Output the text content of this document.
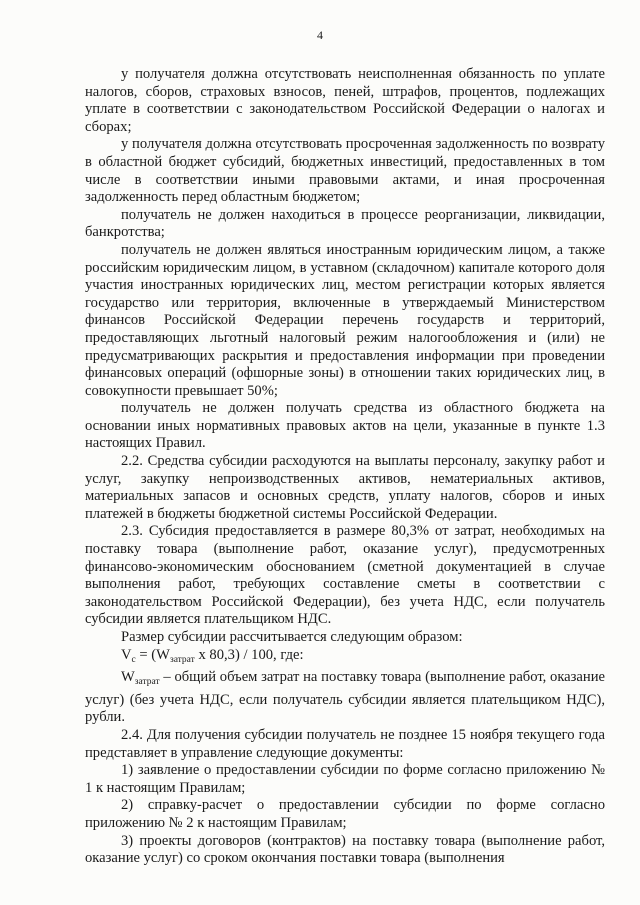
4

у получателя должна отсутствовать неисполненная обязанность по уплате налогов, сборов, страховых взносов, пеней, штрафов, процентов, подлежащих уплате в соответствии с законодательством Российской Федерации о налогах и сборах;

у получателя должна отсутствовать просроченная задолженность по возврату в областной бюджет субсидий, бюджетных инвестиций, предоставленных в том числе в соответствии иными правовыми актами, и иная просроченная задолженность перед областным бюджетом;

получатель не должен находиться в процессе реорганизации, ликвидации, банкротства;

получатель не должен являться иностранным юридическим лицом, а также российским юридическим лицом, в уставном (складочном) капитале которого доля участия иностранных юридических лиц, местом регистрации которых является государство или территория, включенные в утверждаемый Министерством финансов Российской Федерации перечень государств и территорий, предоставляющих льготный налоговый режим налогообложения и (или) не предусматривающих раскрытия и предоставления информации при проведении финансовых операций (офшорные зоны) в отношении таких юридических лиц, в совокупности превышает 50%;

получатель не должен получать средства из областного бюджета на основании иных нормативных правовых актов на цели, указанные в пункте 1.3 настоящих Правил.

2.2. Средства субсидии расходуются на выплаты персоналу, закупку работ и услуг, закупку непроизводственных активов, нематериальных активов, материальных запасов и основных средств, уплату налогов, сборов и иных платежей в бюджеты бюджетной системы Российской Федерации.

2.3. Субсидия предоставляется в размере 80,3% от затрат, необходимых на поставку товара (выполнение работ, оказание услуг), предусмотренных финансово-экономическим обоснованием (сметной документацией в случае выполнения работ, требующих составление сметы в соответствии с законодательством Российской Федерации), без учета НДС, если получатель субсидии является плательщиком НДС.

Размер субсидии рассчитывается следующим образом:

$V_с = (W_{затрат}$ х 80,3) / 100, где:

$W_{затрат}$ – общий объем затрат на поставку товара (выполнение работ, оказание услуг) (без учета НДС, если получатель субсидии является плательщиком НДС), рубли.

2.4. Для получения субсидии получатель не позднее 15 ноября текущего года представляет в управление следующие документы:

1) заявление о предоставлении субсидии по форме согласно приложению № 1 к настоящим Правилам;

2) справку-расчет о предоставлении субсидии по форме согласно приложению № 2 к настоящим Правилам;

3) проекты договоров (контрактов) на поставку товара (выполнение работ, оказание услуг) со сроком окончания поставки товара (выполнения
